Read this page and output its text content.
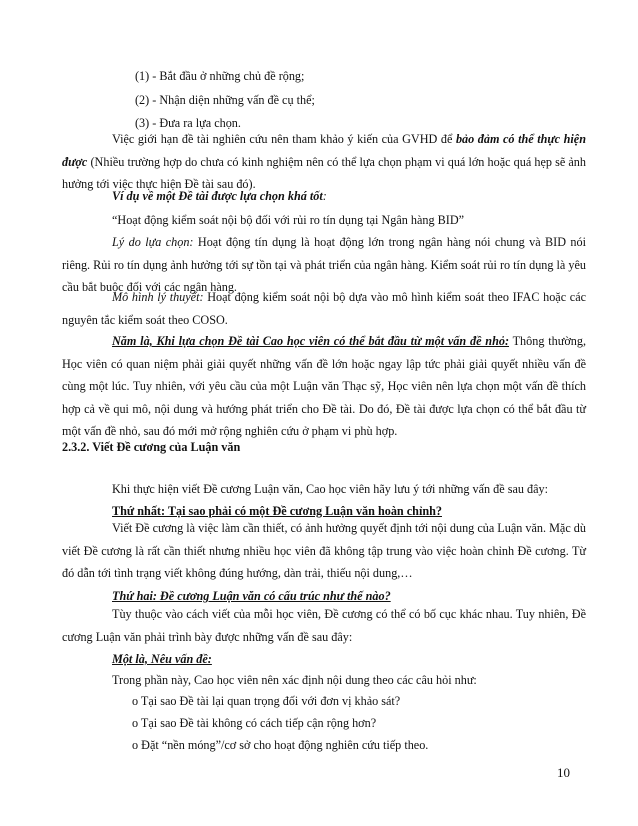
(1) - Bắt đầu ở những chủ đề rộng;

(2) - Nhận diện những vấn đề cụ thể;

(3) - Đưa ra lựa chọn.

Việc giới hạn đề tài nghiên cứu nên tham khảo ý kiến của GVHD để bảo đảm có thể thực hiện được (Nhiều trường hợp do chưa có kinh nghiệm nên có thể lựa chọn phạm vi quá lớn hoặc quá hẹp sẽ ảnh hưởng tới việc thực hiện Đề tài sau đó).

Ví dụ về một Đề tài được lựa chọn khá tốt:

“Hoạt động kiểm soát nội bộ đối với rủi ro tín dụng tại Ngân hàng BID”

Lý do lựa chọn: Hoạt động tín dụng là hoạt động lớn trong ngân hàng nói chung và BID nói riêng. Rủi ro tín dụng ảnh hưởng tới sự tồn tại và phát triển của ngân hàng. Kiểm soát rủi ro tín dụng là yêu cầu bắt buộc đối với các ngân hàng.

Mô hình lý thuyết: Hoạt động kiểm soát nội bộ dựa vào mô hình kiểm soát theo IFAC hoặc các nguyên tắc kiểm soát theo COSO.

Năm là, Khi lựa chọn Đề tài Cao học viên có thể bắt đầu từ một vấn đề nhỏ: Thông thường, Học viên có quan niệm phải giải quyết những vấn đề lớn hoặc ngay lập tức phải giải quyết nhiều vấn đề cùng một lúc. Tuy nhiên, với yêu cầu của một Luận văn Thạc sỹ, Học viên nên lựa chọn một vấn đề thích hợp cả về qui mô, nội dung và hướng phát triển cho Đề tài. Do đó, Đề tài được lựa chọn có thể bắt đầu từ một vấn đề nhỏ, sau đó mới mở rộng nghiên cứu ở phạm vi phù hợp.

2.3.2. Viết Đề cương của Luận văn

Khi thực hiện viết Đề cương Luận văn, Cao học viên hãy lưu ý tới những vấn đề sau đây:

Thứ nhất: Tại sao phải có một Đề cương Luận văn hoàn chỉnh?

Viết Đề cương là việc làm cần thiết, có ảnh hưởng quyết định tới nội dung của Luận văn. Mặc dù viết Đề cương là rất cần thiết nhưng nhiều học viên đã không tập trung vào việc hoàn chỉnh Đề cương. Từ đó dẫn tới tình trạng viết không đúng hướng, dàn trải, thiếu nội dung,…

Thứ hai: Đề cương Luận văn có cấu trúc như thế nào?

Tùy thuộc vào cách viết của mỗi học viên, Đề cương có thể có bố cục khác nhau. Tuy nhiên, Đề cương Luận văn phải trình bày được những vấn đề sau đây:

Một là, Nêu vấn đề:

Trong phần này, Cao học viên nên xác định nội dung theo các câu hỏi như:

o Tại sao Đề tài lại quan trọng đối với đơn vị khảo sát?

o Tại sao Đề tài không có cách tiếp cận rộng hơn?

o Đặt “nền móng”/cơ sở cho hoạt động nghiên cứu tiếp theo.

10
